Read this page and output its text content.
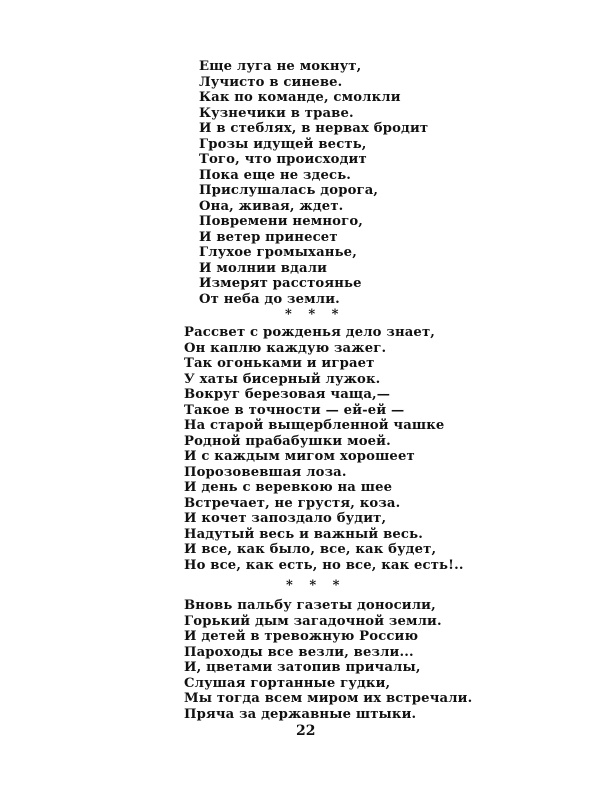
Еще луга не мокнут,
Лучисто в синеве.
Как по команде, смолкли
Кузнечики в траве.
И в стеблях, в нервах бродит
Грозы идущей весть,
Того, что происходит
Пока еще не здесь.
Прислушалась дорога,
Она, живая, ждет.
Повремени немного,
И ветер принесет
Глухое громыханье,
И молнии вдали
Измерят расстоянье
От неба до земли.
* * *
Рассвет с рожденья дело знает,
Он каплю каждую зажег.
Так огоньками и играет
У хаты бисерный лужок.
Вокруг березовая чаща,—
Такое в точности — ей-ей —
На старой выщербленной чашке
Родной прабабушки моей.
И с каждым мигом хорошеет
Порозовевшая лоза.
И день с веревкою на шее
Встречает, не грустя, коза.
И кочет запоздало будит,
Надутый весь и важный весь.
И все, как было, все, как будет,
Но все, как есть, но все, как есть!..
* * *
Вновь пальбу газеты доносили,
Горький дым загадочной земли.
И детей в тревожную Россию
Пароходы все везли, везли...
И, цветами затопив причалы,
Слушая гортанные гудки,
Мы тогда всем миром их встречали.
Пряча за державные штыки.
22
